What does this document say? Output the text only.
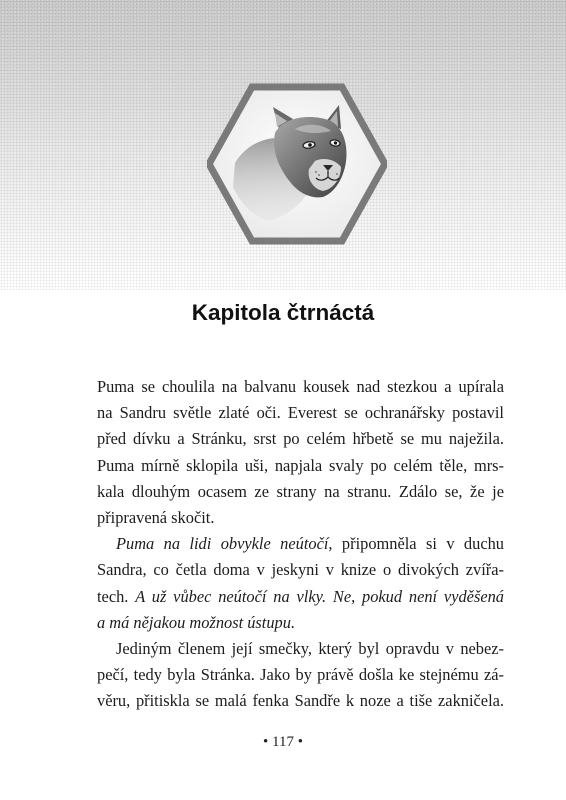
Kapitola čtrnáctá
Puma se choulila na balvanu kousek nad stezkou a upírala
na Sandru světle zlaté oči. Everest se ochranářsky postavil
před dívku a Stránku, srst po celém hřbetě se mu naježila.
Puma mírně sklopila uši, napjala svaly po celém těle, mrs-
kala dlouhým ocasem ze strany na stranu. Zdálo se, že je
připravená skočit.
Puma na lidi obvykle neútočí, připomněla si v duchu
Sandra, co četla doma v jeskyni v knize o divokých zvířa-
tech. A už vůbec neútočí na vlky. Ne, pokud není vyděšená
a má nějakou možnost ústupu.
Jediným členem její smečky, který byl opravdu v nebez-
pečí, tedy byla Stránka. Jako by právě došla ke stejnému zá-
věru, přitiskla se malá fenka Sandře k noze a tiše zakničela.
• 117 •
